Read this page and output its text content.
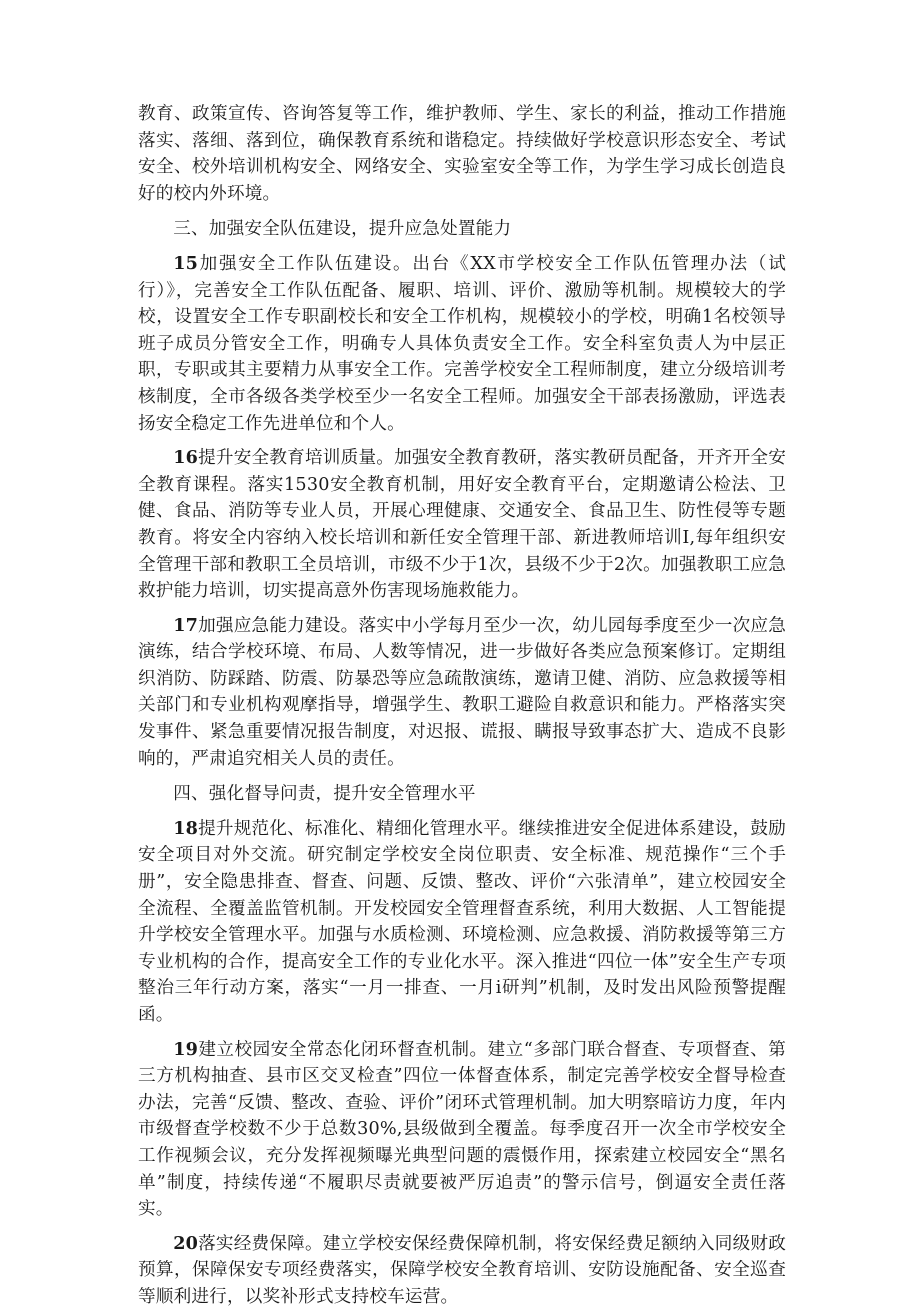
教育、政策宣传、咨询答复等工作，维护教师、学生、家长的利益，推动工作措施落实、落细、落到位，确保教育系统和谐稳定。持续做好学校意识形态安全、考试安全、校外培训机构安全、网络安全、实验室安全等工作，为学生学习成长创造良好的校内外环境。

三、加强安全队伍建设，提升应急处置能力

15加强安全工作队伍建设。出台《XX市学校安全工作队伍管理办法（试行）》，完善安全工作队伍配备、履职、培训、评价、激励等机制。规模较大的学校，设置安全工作专职副校长和安全工作机构，规模较小的学校，明确1名校领导班子成员分管安全工作，明确专人具体负责安全工作。安全科室负责人为中层正职，专职或其主要精力从事安全工作。完善学校安全工程师制度，建立分级培训考核制度，全市各级各类学校至少一名安全工程师。加强安全干部表扬激励，评选表扬安全稳定工作先进单位和个人。

16提升安全教育培训质量。加强安全教育教研，落实教研员配备，开齐开全安全教育课程。落实1530安全教育机制，用好安全教育平台，定期邀请公检法、卫健、食品、消防等专业人员，开展心理健康、交通安全、食品卫生、防性侵等专题教育。将安全内容纳入校长培训和新任安全管理干部、新进教师培训I,每年组织安全管理干部和教职工全员培训，市级不少于1次，县级不少于2次。加强教职工应急救护能力培训，切实提高意外伤害现场施救能力。

17加强应急能力建设。落实中小学每月至少一次，幼儿园每季度至少一次应急演练，结合学校环境、布局、人数等情况，进一步做好各类应急预案修订。定期组织消防、防踩踏、防震、防暴恐等应急疏散演练，邀请卫健、消防、应急救援等相关部门和专业机构观摩指导，增强学生、教职工避险自救意识和能力。严格落实突发事件、紧急重要情况报告制度，对迟报、谎报、瞒报导致事态扩大、造成不良影响的，严肃追究相关人员的责任。

四、强化督导问责，提升安全管理水平

18提升规范化、标准化、精细化管理水平。继续推进安全促进体系建设，鼓励安全项目对外交流。研究制定学校安全岗位职责、安全标准、规范操作“三个手册”，安全隐患排查、督查、问题、反馈、整改、评价“六张清单”，建立校园安全全流程、全覆盖监管机制。开发校园安全管理督查系统，利用大数据、人工智能提升学校安全管理水平。加强与水质检测、环境检测、应急救援、消防救援等第三方专业机构的合作，提高安全工作的专业化水平。深入推进“四位一体”安全生产专项整治三年行动方案，落实“一月一排查、一月ⅰ研判”机制，及时发出风险预警提醒函。

19建立校园安全常态化闭环督查机制。建立“多部门联合督查、专项督查、第三方机构抽查、县市区交叉检查”四位一体督查体系，制定完善学校安全督导检查办法，完善“反馈、整改、查验、评价”闭环式管理机制。加大明察暗访力度，年内市级督查学校数不少于总数30%,县级做到全覆盖。每季度召开一次全市学校安全工作视频会议，充分发挥视频曝光典型问题的震慑作用，探索建立校园安全“黑名单”制度，持续传递“不履职尽责就要被严厉追责”的警示信号，倒逼安全责任落实。

20落实经费保障。建立学校安保经费保障机制，将安保经费足额纳入同级财政预算，保障保安专项经费落实，保障学校安全教育培训、安防设施配备、安全巡查等顺利进行，以奖补形式支持校车运营。
